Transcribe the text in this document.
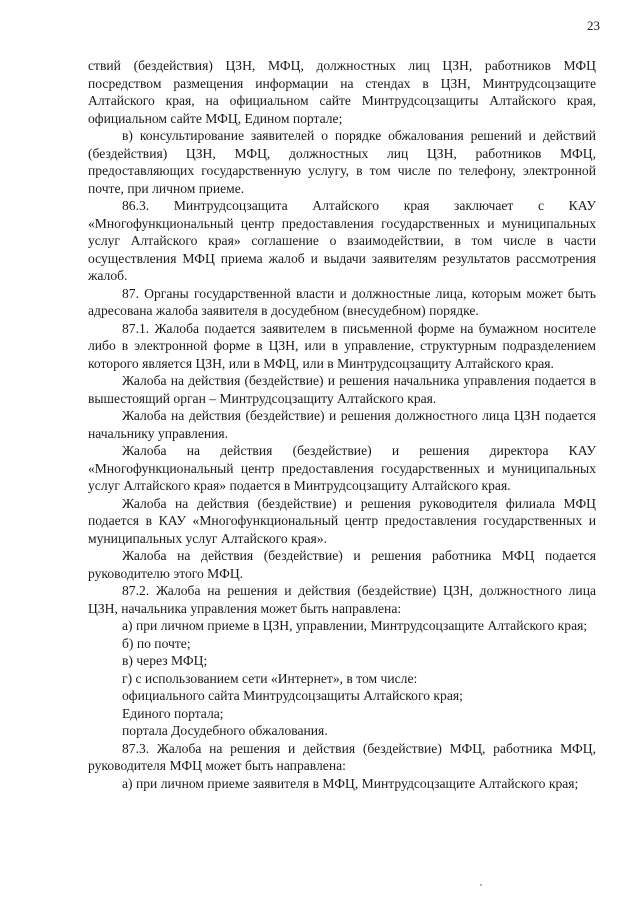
23

ствий (бездействия) ЦЗН, МФЦ, должностных лиц ЦЗН, работников МФЦ посредством размещения информации на стендах в ЦЗН, Минтрудсоцзащите Алтайского края, на официальном сайте Минтрудсоцзащиты Алтайского края, официальном сайте МФЦ, Едином портале;

в) консультирование заявителей о порядке обжалования решений и действий (бездействия) ЦЗН, МФЦ, должностных лиц ЦЗН, работников МФЦ, предоставляющих государственную услугу, в том числе по телефону, электронной почте, при личном приеме.

86.3. Минтрудсоцзащита Алтайского края заключает с КАУ «Многофункциональный центр предоставления государственных и муниципальных услуг Алтайского края» соглашение о взаимодействии, в том числе в части осуществления МФЦ приема жалоб и выдачи заявителям результатов рассмотрения жалоб.

87. Органы государственной власти и должностные лица, которым может быть адресована жалоба заявителя в досудебном (внесудебном) порядке.

87.1. Жалоба подается заявителем в письменной форме на бумажном носителе либо в электронной форме в ЦЗН, или в управление, структурным подразделением которого является ЦЗН, или в МФЦ, или в Минтрудсоцзащиту Алтайского края.

Жалоба на действия (бездействие) и решения начальника управления подается в вышестоящий орган – Минтрудсоцзащиту Алтайского края.

Жалоба на действия (бездействие) и решения должностного лица ЦЗН подается начальнику управления.

Жалоба на действия (бездействие) и решения директора КАУ «Многофункциональный центр предоставления государственных и муниципальных услуг Алтайского края» подается в Минтрудсоцзащиту Алтайского края.

Жалоба на действия (бездействие) и решения руководителя филиала МФЦ подается в КАУ «Многофункциональный центр предоставления государственных и муниципальных услуг Алтайского края».

Жалоба на действия (бездействие) и решения работника МФЦ подается руководителю этого МФЦ.

87.2. Жалоба на решения и действия (бездействие) ЦЗН, должностного лица ЦЗН, начальника управления может быть направлена:

а) при личном приеме в ЦЗН, управлении, Минтрудсоцзащите Алтайского края;

б) по почте;

в) через МФЦ;

г) с использованием сети «Интернет», в том числе:

официального сайта Минтрудсоцзащиты Алтайского края;

Единого портала;

портала Досудебного обжалования.

87.3. Жалоба на решения и действия (бездействие) МФЦ, работника МФЦ, руководителя МФЦ может быть направлена:

а) при личном приеме заявителя в МФЦ, Минтрудсоцзащите Алтайского края;
